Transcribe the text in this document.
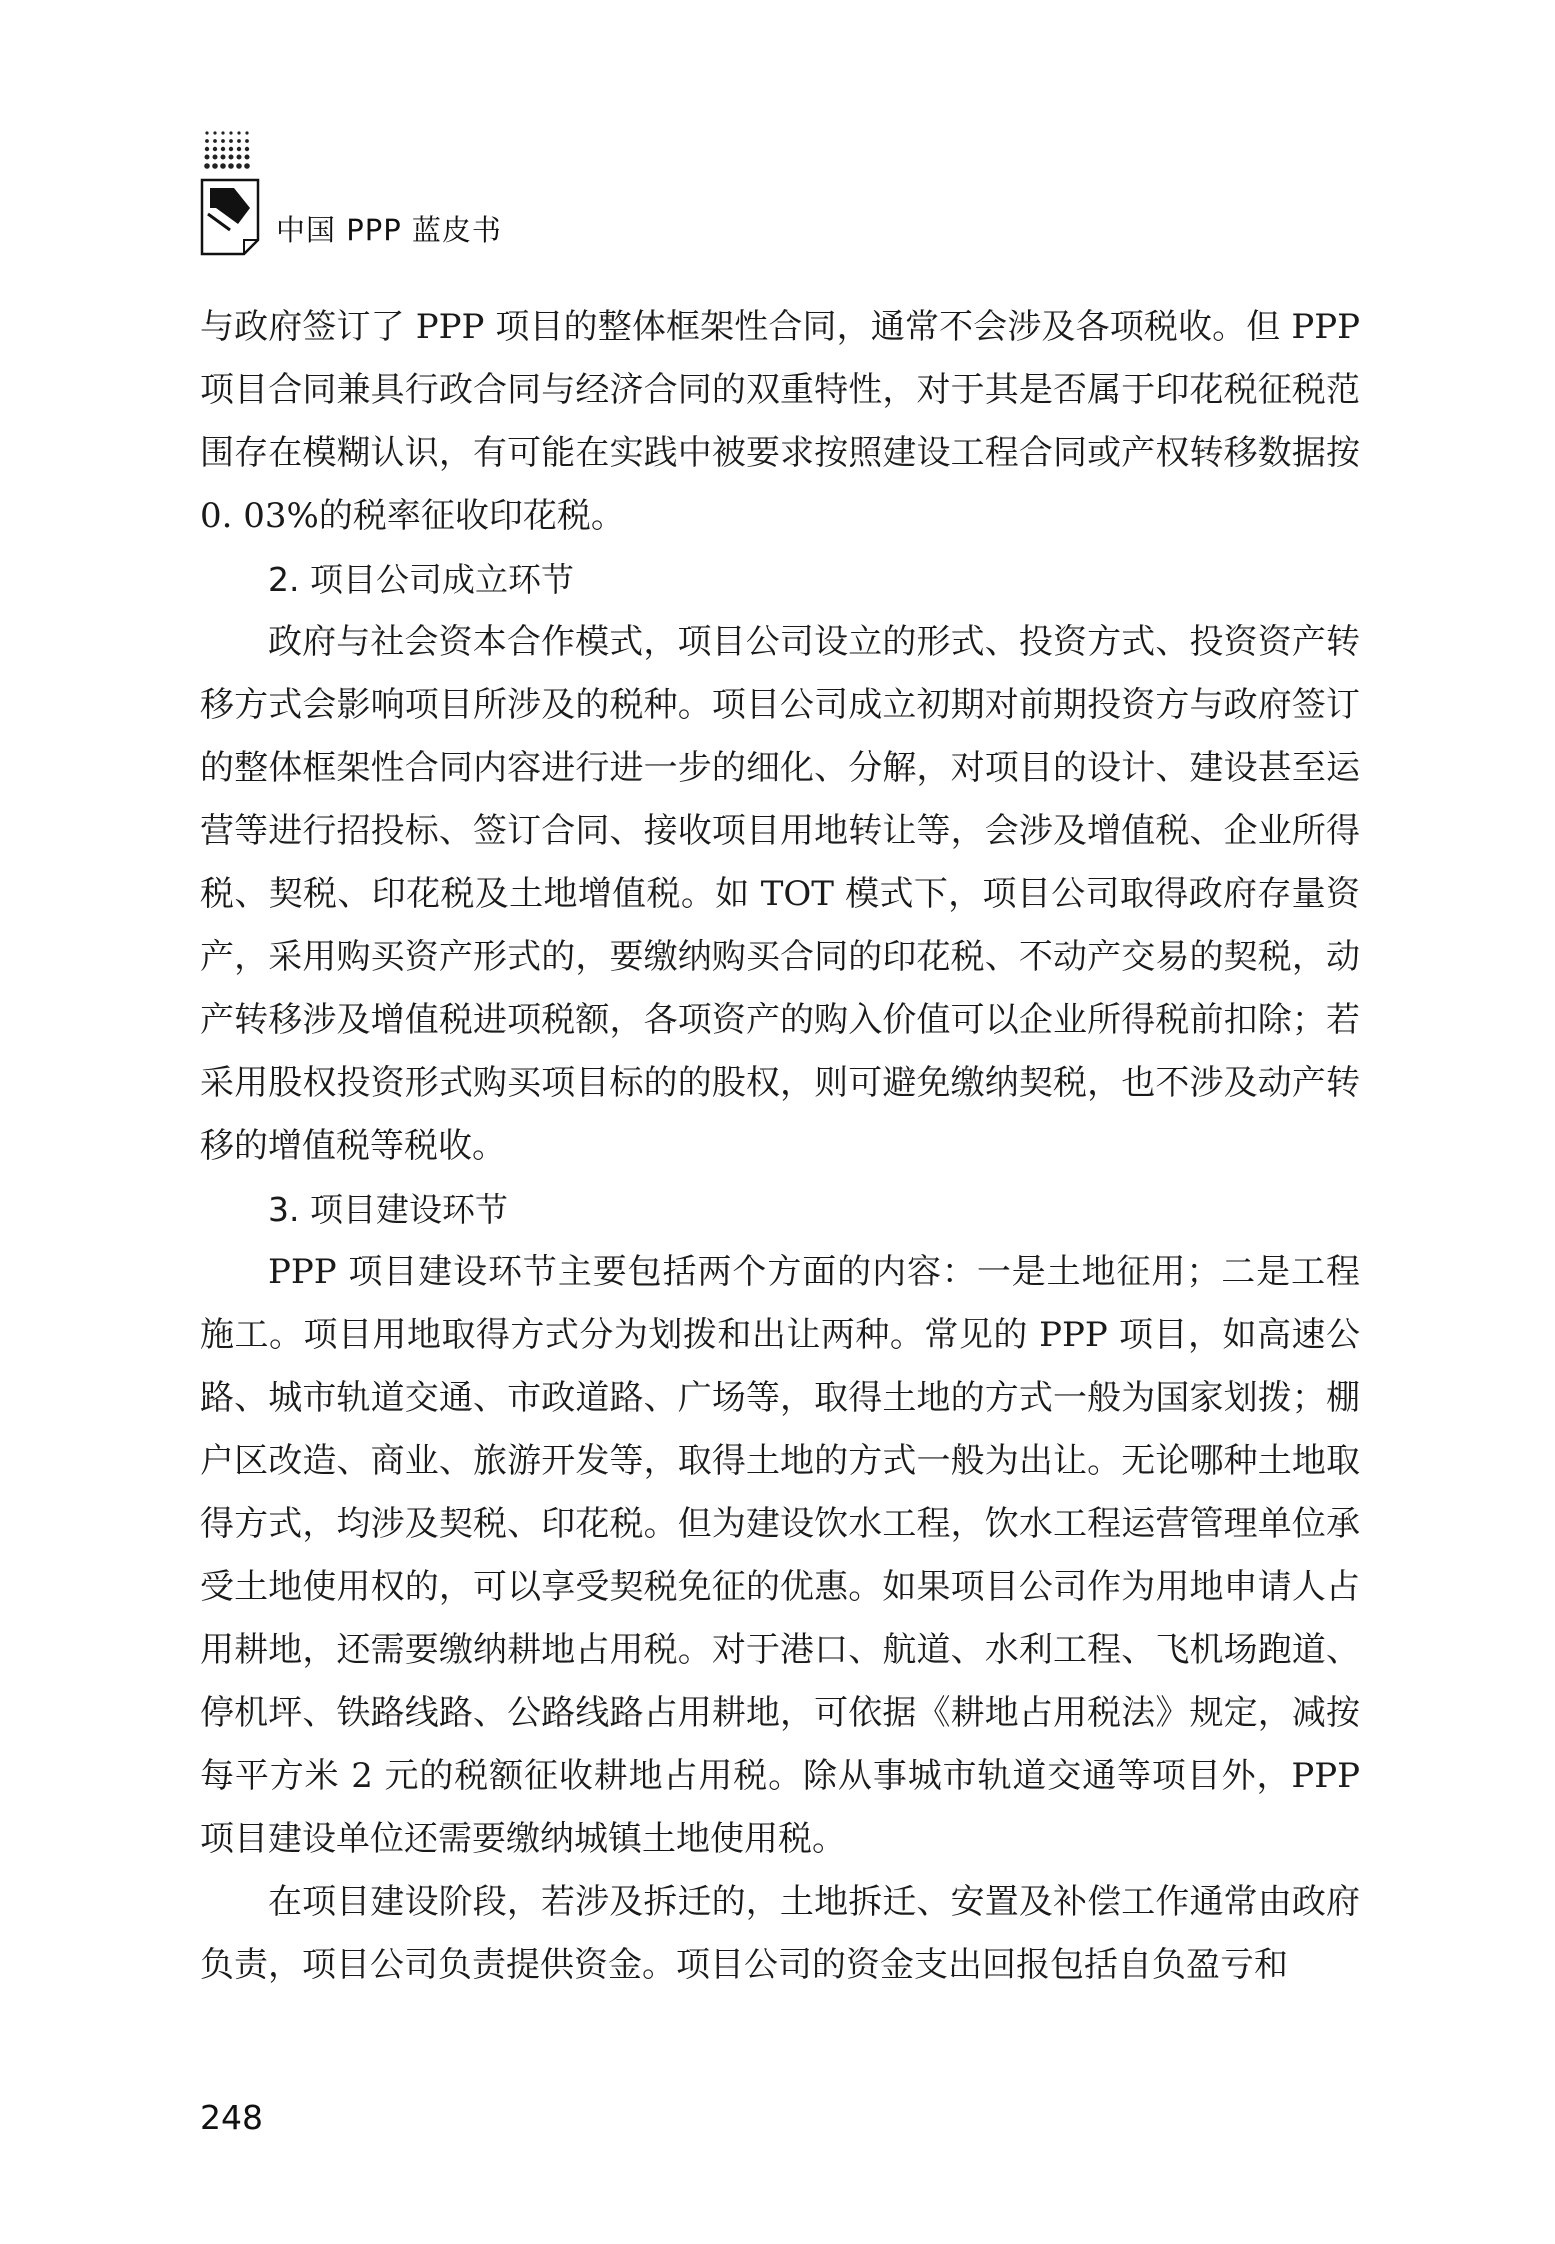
中国 PPP 蓝皮书

与政府签订了 PPP 项目的整体框架性合同，通常不会涉及各项税收。但 PPP 项目合同兼具行政合同与经济合同的双重特性，对于其是否属于印花税征税范围存在模糊认识，有可能在实践中被要求按照建设工程合同或产权转移数据按 0. 03%的税率征收印花税。

2. 项目公司成立环节

政府与社会资本合作模式，项目公司设立的形式、投资方式、投资资产转移方式会影响项目所涉及的税种。项目公司成立初期对前期投资方与政府签订的整体框架性合同内容进行进一步的细化、分解，对项目的设计、建设甚至运营等进行招投标、签订合同、接收项目用地转让等，会涉及增值税、企业所得税、契税、印花税及土地增值税。如 TOT 模式下，项目公司取得政府存量资产，采用购买资产形式的，要缴纳购买合同的印花税、不动产交易的契税，动产转移涉及增值税进项税额，各项资产的购入价值可以企业所得税前扣除；若采用股权投资形式购买项目标的的股权，则可避免缴纳契税，也不涉及动产转移的增值税等税收。

3. 项目建设环节

PPP 项目建设环节主要包括两个方面的内容：一是土地征用；二是工程施工。项目用地取得方式分为划拨和出让两种。常见的 PPP 项目，如高速公路、城市轨道交通、市政道路、广场等，取得土地的方式一般为国家划拨；棚户区改造、商业、旅游开发等，取得土地的方式一般为出让。无论哪种土地取得方式，均涉及契税、印花税。但为建设饮水工程，饮水工程运营管理单位承受土地使用权的，可以享受契税免征的优惠。如果项目公司作为用地申请人占用耕地，还需要缴纳耕地占用税。对于港口、航道、水利工程、飞机场跑道、停机坪、铁路线路、公路线路占用耕地，可依据《耕地占用税法》规定，减按每平方米 2 元的税额征收耕地占用税。除从事城市轨道交通等项目外，PPP 项目建设单位还需要缴纳城镇土地使用税。

在项目建设阶段，若涉及拆迁的，土地拆迁、安置及补偿工作通常由政府负责，项目公司负责提供资金。项目公司的资金支出回报包括自负盈亏和

248
